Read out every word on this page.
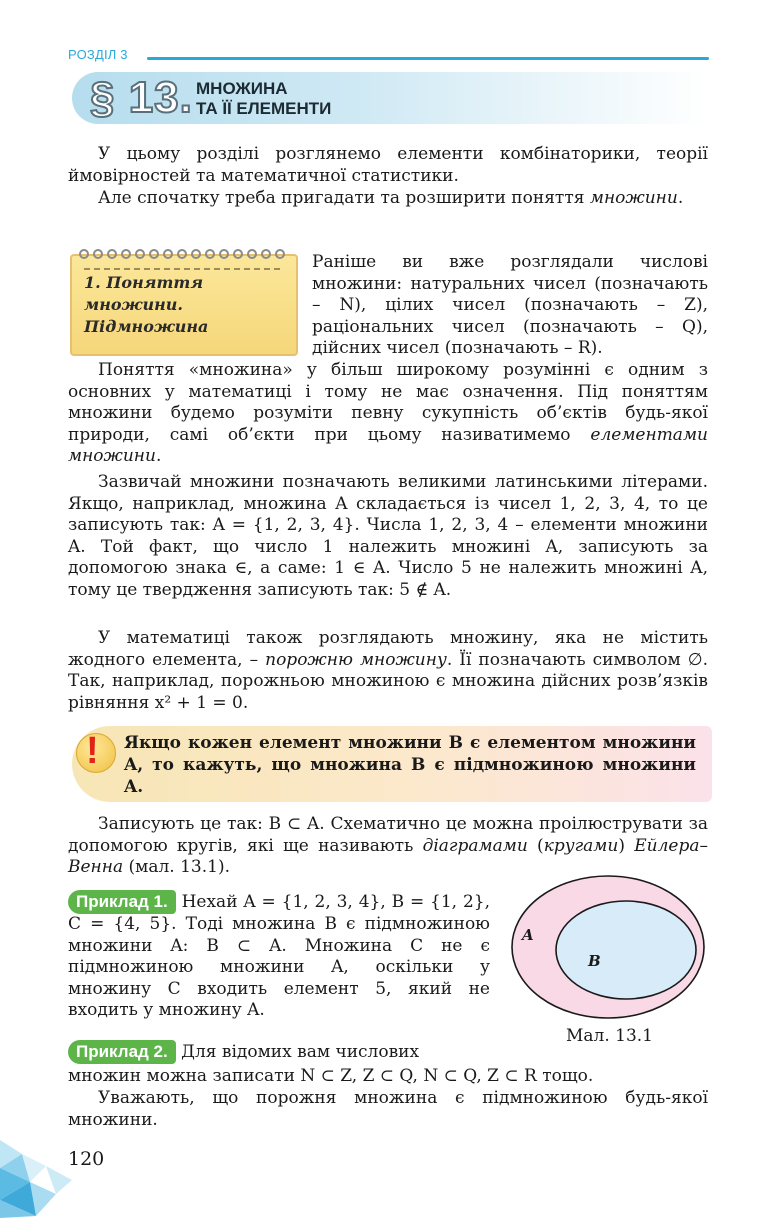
РОЗДІЛ 3
§ 13. МНОЖИНА
ТА ЇЇ ЕЛЕМЕНТИ
У цьому розділі розглянемо елементи комбінаторики, теорії ймовірностей та математичної статистики.
Але спочатку треба пригадати та розширити поняття множини.
1. Поняття
множини.
Підмножина
Раніше ви вже розглядали числові множини: натуральних чисел (позначають – N), цілих чисел (позначають – Z), раціональних чисел (позначають – Q), дійсних чисел (позначають – R).
Поняття «множина» у більш широкому розумінні є одним з основних у математиці і тому не має означення. Під поняттям множини будемо розуміти певну сукупність об’єктів будь-якої природи, самі об’єкти при цьому називатимемо елементами множини.
Зазвичай множини позначають великими латинськими літерами. Якщо, наприклад, множина A складається із чисел 1, 2, 3, 4, то це записують так: A = {1, 2, 3, 4}. Числа 1, 2, 3, 4 – елементи множини A. Той факт, що число 1 належить множині A, записують за допомогою знака ∈, а саме: 1 ∈ A. Число 5 не належить множині A, тому це твердження записують так: 5 ∉ A.
У математиці також розглядають множину, яка не містить жодного елемента, – порожню множину. Її позначають символом ∅. Так, наприклад, порожньою множиною є множина дійсних розв’язків рівняння x² + 1 = 0.
! Якщо кожен елемент множини B є елементом множини A, то кажуть, що множина B є підмножиною множини A.
Записують це так: B ⊂ A. Схематично це можна проілюструвати за допомогою кругів, які ще називають діаграмами (кругами) Ейлера–Венна (мал. 13.1).
Приклад 1. Нехай A = {1, 2, 3, 4}, B = {1, 2}, C = {4, 5}. Тоді множина B є підмножиною множини A: B ⊂ A. Множина C не є підмножиною множини A, оскільки у множину C входить елемент 5, який не входить у множину A.
A
B
Мал. 13.1
Приклад 2. Для відомих вам числових
множин можна записати N ⊂ Z, Z ⊂ Q, N ⊂ Q, Z ⊂ R тощо.
Уважають, що порожня множина є підмножиною будь-якої множини.
120
